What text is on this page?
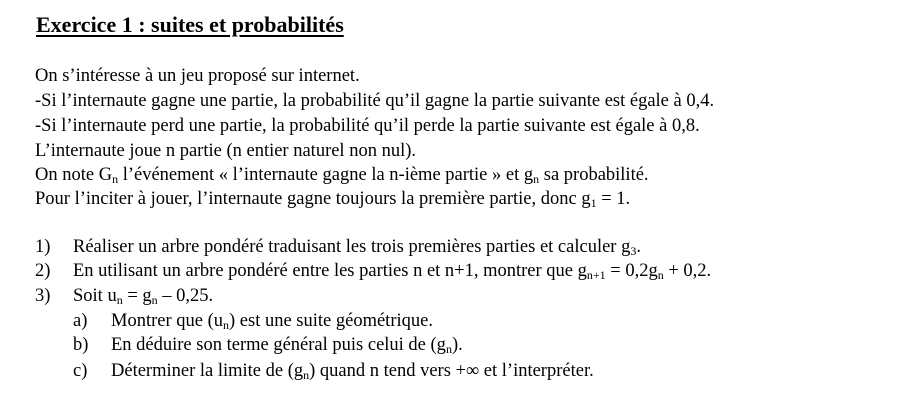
Exercice 1 : suites et probabilités
On s’intéresse à un jeu proposé sur internet.
-Si l’internaute gagne une partie, la probabilité qu’il gagne la partie suivante est égale à 0,4.
-Si l’internaute perd une partie, la probabilité qu’il perde la partie suivante est égale à 0,8.
L’internaute joue n partie (n entier naturel non nul).
On note $G_n$ l’événement « l’internaute gagne la n-ième partie » et $g_n$ sa probabilité.
Pour l’inciter à jouer, l’internaute gagne toujours la première partie, donc $g_1 = 1$.
1) Réaliser un arbre pondéré traduisant les trois premières parties et calculer $g_3$.
2) En utilisant un arbre pondéré entre les parties n et n+1, montrer que $g_{n+1} = 0,2g_n + 0,2$.
3) Soit $u_n = g_n - 0,25$.
a) Montrer que $(u_n)$ est une suite géométrique.
b) En déduire son terme général puis celui de $(g_n)$.
c) Déterminer la limite de $(g_n)$ quand n tend vers +∞ et l’interpréter.
